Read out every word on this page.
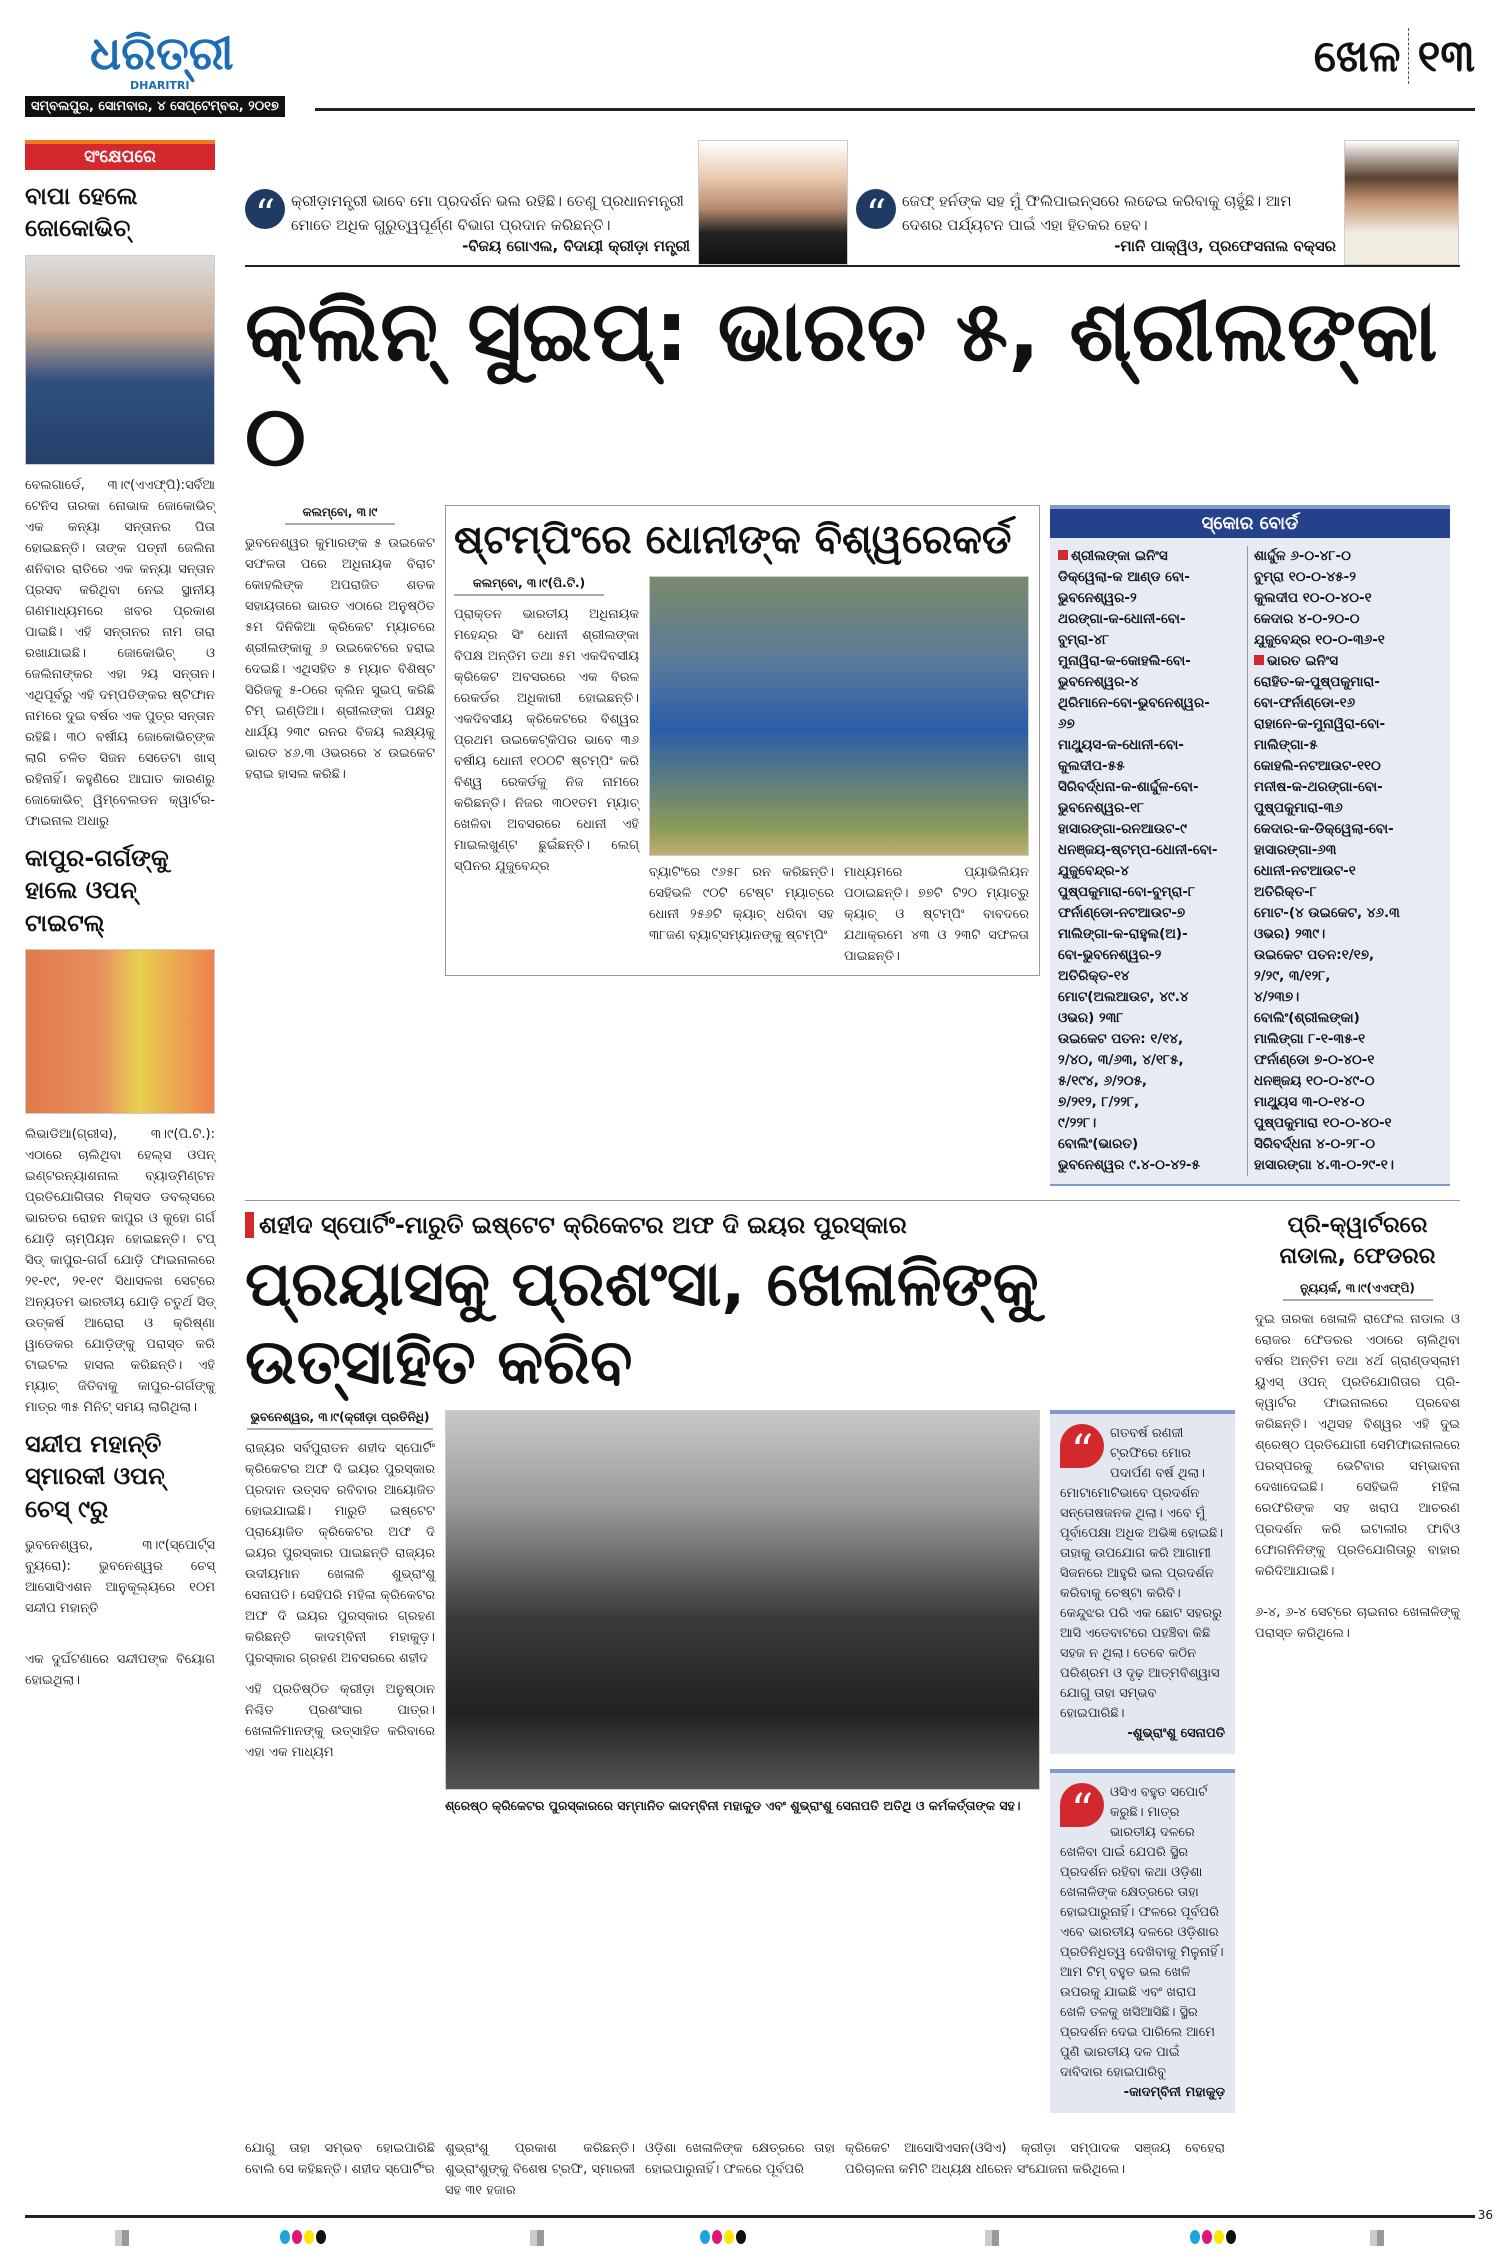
ଧରିତ୍ରୀ
DHARITRI
ସମ୍ବଲପୁର, ସୋମବାର, ୪ ସେପ୍ଟେମ୍ବର, ୨୦୧୭
ଖେଳ ୧୩
ସଂକ୍ଷେପରେ
ବାପା ହେଲେ ଜୋକୋଭିଚ୍
ବେଲଗାର୍ଡେ, ୩।୯(ଏଏଫ୍‌ପି):ସର୍ବିଆ ଟେନିସ ତାରକା ନୋଭାକ ଜୋକୋଭିଚ୍ ଏକ କନ୍ୟା ସନ୍ତାନର ପିତା ହୋଇଛନ୍ତି। ତାଙ୍କ ପତ୍ନୀ ଜେଲିନା ଶନିବାର ରାତିରେ ଏକ କନ୍ୟା ସନ୍ତାନ ପ୍ରସବ କରିଥିବା ନେଇ ସ୍ଥାନୀୟ ଗଣମାଧ୍ୟମରେ ଖବର ପ୍ରକାଶ ପାଇଛି। ଏହି ସନ୍ତାନର ନାମ ତାରା ରଖାଯାଇଛି। ଜୋକୋଭିଚ୍ ଓ ଜେଲିନାଙ୍କର ଏହା ୨ୟ ସନ୍ତାନ। ଏଥିପୂର୍ବରୁ ଏହି ଦମ୍ପତିଙ୍କର ଷ୍ଟିଫାନ ନାମରେ ଦୁଇ ବର୍ଷର ଏକ ପୁତ୍ର ସନ୍ତାନ ରହିଛି। ୩୦ ବର୍ଷୀୟ ଜୋକୋଭିଚ୍‌ଙ୍କ ଲାଗି ଚଳିତ ସିଜନ ସେତେଟା ଖାସ୍ ରହିନାହିଁ। କହୁଣିରେ ଆଘାତ କାରଣରୁ ଜୋକୋଭିଚ୍ ୱିମ୍ବେଲଡନ କ୍ୱାର୍ଟର-ଫାଇନାଲ ଅଧାରୁ
କାପୁର-ଗର୍ଗଙ୍କୁ ହାଲେ ଓପନ୍ ଟାଇଟଲ୍
ଲିଭାଡିଆ(ଗ୍ରୀସ), ୩।୯(ପି.ଟି.): ଏଠାରେ ଚାଲିଥିବା ହେଲ୍ସ ଓପନ୍ ଇଣ୍ଟରନ୍ୟାଶନାଲ ବ୍ୟାଡ୍‌ମିଣ୍ଟନ ପ୍ରତିଯୋଗିତାର ମିକ୍ସଡ ଡବଲ୍ସରେ ଭାରତର ରୋହନ କାପୁର ଓ କୁହୋ ଗର୍ଗ ଯୋଡ଼ି ଚାମ୍ପିୟନ ହୋଇଛନ୍ତି। ଟପ୍ ସିଡ୍ କାପୁର-ଗର୍ଗ ଯୋଡ଼ି ଫାଇନାଲରେ ୨୧-୧୯, ୨୧-୧୯ ସିଧାସଳଖ ସେଟ୍‌ରେ ଅନ୍ୟତମ ଭାରତୀୟ ଯୋଡ଼ି ଚତୁର୍ଥ ସିଡ୍ ଉତ୍କର୍ଷ ଆରୋରା ଓ କ୍ରିଷ୍ଣା ୱାଡେକର ଯୋଡ଼ିଙ୍କୁ ପରାସ୍ତ କରି ଟାଇଟଲ ହାସଲ କରିଛନ୍ତି। ଏହି ମ୍ୟାଚ୍ ଜିତିବାକୁ କାପୁର-ଗର୍ଗଙ୍କୁ ମାତ୍ର ୩୫ ମିନିଟ୍ ସମୟ ଲାଗିଥିଲା।
ସନ୍ଦୀପ ମହାନ୍ତି ସ୍ମାରକୀ ଓପନ୍ ଚେସ୍ ୯ରୁ
ଭୁବନେଶ୍ୱର, ୩।୯(ସ୍ପୋର୍ଟ୍ସ ବ୍ୟୁରୋ): ଭୁବନେଶ୍ୱର ଚେସ୍ ଆସୋସିଏଶନ ଆନୁକୂଲ୍ୟରେ ୧୦ମ ସନ୍ଦୀପ ମହାନ୍ତି
ଏକ ଦୁର୍ଘଟଣାରେ ସନ୍ଦୀପଙ୍କ ବିୟୋଗ ହୋଇଥିଲା।
“	କ୍ରୀଡ଼ାମନ୍ତ୍ରୀ ଭାବେ ମୋ ପ୍ରଦର୍ଶନ ଭଲ ରହିଛି। ତେଣୁ ପ୍ରଧାନମନ୍ତ୍ରୀ ମୋତେ ଅଧିକ ଗୁରୁତ୍ୱପୂର୍ଣ୍ଣ ବିଭାଗ ପ୍ରଦାନ କରିଛନ୍ତି।
-ବିଜୟ ଗୋଏଲ, ବିଦାୟୀ କ୍ରୀଡ଼ା ମନ୍ତ୍ରୀ
“	ଜେଫ୍ ହର୍ନଙ୍କ ସହ ମୁଁ ଫିଲିପାଇନ୍ସରେ ଲଢେଇ କରିବାକୁ ଚାହୁଁଛି। ଆମ ଦେଶର ପର୍ଯ୍ୟଟନ ପାଇଁ ଏହା ହିତକର ହେବ।
-ମାନି ପାକ୍ୱିଓ, ପ୍ରଫେସନାଲ ବକ୍ସର
କ୍ଲିନ୍ ସୁଇପ୍: ଭାରତ ୫, ଶ୍ରୀଲଙ୍କା ୦
କଲମ୍ବୋ, ୩।୯
ଭୁବନେଶ୍ୱର କୁମାରଙ୍କ ୫ ଉଇକେଟ ସଫଳତା ପରେ ଅଧିନାୟକ ବିରାଟ କୋହଲିଙ୍କ ଅପରାଜିତ ଶତକ ସହାୟତାରେ ଭାରତ ଏଠାରେ ଅନୁଷ୍ଠିତ ୫ମ ଦିନିକିଆ କ୍ରିକେଟ ମ୍ୟାଚରେ ଶ୍ରୀଲଙ୍କାକୁ ୬ ଉଇକେଟରେ ହରାଇ ଦେଇଛି। ଏଥିସହିତ ୫ ମ୍ୟାଚ ବିଶିଷ୍ଟ ସିରିଜକୁ ୫-୦ରେ କ୍ଲିନ ସୁଇପ୍ କରିଛି ଟିମ୍ ଇଣ୍ଡିଆ। ଶ୍ରୀଲଙ୍କା ପକ୍ଷରୁ ଧାର୍ଯ୍ୟ ୨୩୯ ରନର ବିଜୟ ଲକ୍ଷ୍ୟକୁ ଭାରତ ୪୬.୩ ଓଭରରେ ୪ ଉଇକେଟ ହରାଇ ହାସଲ କରିଛି।
ଷ୍ଟମ୍ପିଂରେ ଧୋନୀଙ୍କ ବିଶ୍ୱରେକର୍ଡ
କଲମ୍ବୋ, ୩।୯(ପି.ଟି.)
ପ୍ରାକ୍ତନ ଭାରତୀୟ ଅଧିନାୟକ ମହେନ୍ଦ୍ର ସିଂ ଧୋନୀ ଶ୍ରୀଲଙ୍କା ବିପକ୍ଷ ଅନ୍ତିମ ତଥା ୫ମ ଏକଦିବସୀୟ କ୍ରିକେଟ ଅବସରରେ ଏକ ବିରଳ ରେକର୍ଡର ଅଧିକାରୀ ହୋଇଛନ୍ତି। ଏକଦିବସୀୟ କ୍ରିକେଟରେ ବିଶ୍ୱର ପ୍ରଥମ ଉଇକେଟ୍‌କିପର ଭାବେ ୩୬ ବର୍ଷୀୟ ଧୋନୀ ୧୦୦ଟି ଷ୍ଟମ୍ପିଂ କରି ବିଶ୍ୱ ରେକର୍ଡକୁ ନିଜ ନାମରେ କରିଛନ୍ତି। ନିଜର ୩୦୧ତମ ମ୍ୟାଚ୍ ଖେଳିବା ଅବସରରେ ଧୋନୀ ଏହି ମାଇଲଖୁଣ୍ଟ ଛୁଇଁଛନ୍ତି। ଲେଗ୍ ସ୍ପିନର ଯୁଜୁବେନ୍ଦ୍ର	ବ୍ୟାଟିଂରେ ୯୬୫୮ ରନ କରିଛନ୍ତି। ସେହିଭଳି ୯୦ଟି ଟେଷ୍ଟ ମ୍ୟାଚ୍‌ରେ ଧୋନୀ ୨୫୬ଟି କ୍ୟାଚ୍ ଧରିବା ସହ ୩୮ଜଣ ବ୍ୟାଟ୍ସମ୍ୟାନଙ୍କୁ ଷ୍ଟମ୍ପିଂ
ମାଧ୍ୟମରେ ପ୍ୟାଭିଲିୟନ ପଠାଇଛନ୍ତି। ୭୭ଟି ଟି୨୦ ମ୍ୟାଚ୍‌ରୁ କ୍ୟାଚ୍ ଓ ଷ୍ଟମ୍ପିଂ ବାବଦରେ ଯଥାକ୍ରମେ ୪୩ ଓ ୨୩ଟି ସଫଳତା ପାଇଛନ୍ତି।
ସ୍କୋର ବୋର୍ଡ
ଶ୍ରୀଲଙ୍କା ଇନିଂସ
ଡିକ୍‌ୱେଲା-କ ଆଣ୍ଡ ବୋ-
ଭୁବନେଶ୍ୱର-୨
ଥରଙ୍ଗା-କ-ଧୋନୀ-ବୋ-
ବୁମ୍ରା-୪୮
ମୁନାୱିରା-କ-କୋହଲି-ବୋ-
ଭୁବନେଶ୍ୱର-୪
ଥିରିମାନେ-ବୋ-ଭୁବନେଶ୍ୱର-
୬୭
ମାଥ୍ୟୁସ-କ-ଧୋନୀ-ବୋ-
କୁଲଦୀପ-୫୫
ସିରିବର୍ଦ୍ଧନା-କ-ଶାର୍ଦ୍ଦୁଳ-ବୋ-
ଭୁବନେଶ୍ୱର-୧୮
ହାସାରଙ୍ଗା-ରନଆଉଟ-୯
ଧନଞ୍ଜୟ-ଷ୍ଟମ୍ପ-ଧୋନୀ-ବୋ-
ଯୁଜୁବେନ୍ଦ୍ର-୪
ପୁଷ୍ପକୁମାରା-ବୋ-ବୁମ୍ରା-୮
ଫର୍ନାଣ୍ଡୋ-ନଟଆଉଟ-୭
ମାଲିଙ୍ଗା-କ-ରାହୁଲ(ଅ)-
ବୋ-ଭୁବନେଶ୍ୱର-୨
ଅତିରିକ୍ତ-୧୪
ମୋଟ(ଅଲଆଉଟ, ୪୯.୪
ଓଭର) ୨୩୮
ଉଇକେଟ ପତନ: ୧/୧୪,
୨/୪୦, ୩/୬୩, ୪/୧୮୫,
୫/୧୯୪, ୬/୨୦୫,
୭/୨୧୨, ୮/୨୨୮,
୯/୨୨୮।
ବୋଲିଂ(ଭାରତ)
ଭୁବନେଶ୍ୱର ୯.୪-୦-୪୨-୫
ଶାର୍ଦ୍ଦୁଳ ୬-୦-୪୮-୦
ବୁମ୍ରା ୧୦-୦-୪୫-୨
କୁଲଦୀପ ୧୦-୦-୪୦-୧
କେଦାର ୪-୦-୨୦-୦
ଯୁଜୁବେନ୍ଦ୍ର ୧୦-୦-୩୬-୧
ଭାରତ ଇନିଂସ
ରୋହିତ-କ-ପୁଷ୍ପକୁମାରା-
ବୋ-ଫର୍ନାଣ୍ଡୋ-୧୬
ରାହାନେ-କ-ମୁନାୱିରା-ବୋ-
ମାଲିଙ୍ଗା-୫
କୋହଲି-ନଟଆଉଟ-୧୧୦
ମନୀଷ-କ-ଥରଙ୍ଗା-ବୋ-
ପୁଷ୍ପକୁମାରା-୩୬
କେଦାର-କ-ଡିକ୍‌ୱେଲା-ବୋ-
ହାସାରଙ୍ଗା-୬୩
ଧୋନୀ-ନଟଆଉଟ-୧
ଅତିରିକ୍ତ-୮
ମୋଟ-(୪ ଉଇକେଟ, ୪୬.୩
ଓଭର) ୨୩୯।
ଉଇକେଟ ପତନ:୧/୧୭,
୨/୨୯, ୩/୧୨୮,
୪/୨୩୭।
ବୋଲିଂ(ଶ୍ରୀଲଙ୍କା)
ମାଲିଙ୍ଗା ୮-୧-୩୫-୧
ଫର୍ନାଣ୍ଡୋ ୭-୦-୪୦-୧
ଧନଞ୍ଜୟ ୧୦-୦-୪୯-୦
ମାଥ୍ୟୁସ ୩-୦-୧୪-୦
ପୁଷ୍ପକୁମାରା ୧୦-୦-୪୦-୧
ସିରିବର୍ଦ୍ଧନା ୪-୦-୨୮-୦
ହାସାରଙ୍ଗା ୪.୩-୦-୨୯-୧।
ଶହୀଦ ସ୍ପୋର୍ଟିଂ-ମାରୁତି ଇଷ୍ଟେଟ କ୍ରିକେଟର ଅଫ ଦି ଇୟର ପୁରସ୍କାର
ପ୍ରୟାସକୁ ପ୍ରଶଂସା, ଖେଳାଳିଙ୍କୁ ଉତ୍ସାହିତ କରିବ
ଭୁବନେଶ୍ୱର, ୩।୯(କ୍ରୀଡ଼ା ପ୍ରତିନିଧି)
ରାଜ୍ୟର ସର୍ବପୁରାତନ ଶହୀଦ ସ୍ପୋର୍ଟିଂ କ୍ରିକେଟର ଅଫ ଦି ଇୟର ପୁରସ୍କାର ପ୍ରଦାନ ଉତ୍ସବ ରବିବାର ଆୟୋଜିତ ହୋଇଯାଇଛି। ମାରୁତି ଇଷ୍ଟେଟ ପ୍ରାୟୋଜିତ କ୍ରିକେଟର ଅଫ ଦି ଇୟର ପୁରସ୍କାର ପାଇଛନ୍ତି ରାଜ୍ୟର ଉଦୀୟମାନ ଖେଳାଳି ଶୁଭ୍ରାଂଶୁ ସେନାପତି। ସେହିପରି ମହିଳା କ୍ରିକେଟର ଅଫ ଦି ଇୟର ପୁରସ୍କାର ଗ୍ରହଣ କରିଛନ୍ତି କାଦମ୍ବିନୀ ମହାକୁଡ଼। ପୁରସ୍କାର ଗ୍ରହଣ ଅବସରରେ ଶହୀଦ
ଏହି ପ୍ରତିଷ୍ଠିତ କ୍ରୀଡ଼ା ଅନୁଷ୍ଠାନ ନିଶ୍ଚିତ ପ୍ରଶଂସାର ପାତ୍ର। ଖେଳାଳିମାନଙ୍କୁ ଉତ୍ସାହିତ କରିବାରେ ଏହା ଏକ ମାଧ୍ୟମ
ଶ୍ରେଷ୍ଠ କ୍ରିକେଟର ପୁରସ୍କାରରେ ସମ୍ମାନିତ କାଦମ୍ବିନୀ ମହାକୁଡ ଏବଂ ଶୁଭ୍ରାଂଶୁ ସେନାପତି ଅତିଥି ଓ କର୍ମକର୍ତ୍ତାଙ୍କ ସହ।
“	ଗତବର୍ଷ ରଣଜୀ ଟ୍ରଫିରେ ମୋର ପଦାର୍ପଣ ବର୍ଷ ଥିଲା। ମୋଟାମୋଟିଭାବେ ପ୍ରଦର୍ଶନ ସନ୍ତୋଷଜନକ ଥିଲା। ଏବେ ମୁଁ ପୂର୍ବାପେକ୍ଷା ଅଧିକ ଅଭିଜ୍ଞ ହୋଇଛି। ତାହାକୁ ଉପଯୋଗ କରି ଆଗାମୀ ସିଜନରେ ଆହୁରି ଭଲ ପ୍ରଦର୍ଶନ କରିବାକୁ ଚେଷ୍ଟା କରିବି। କେନ୍ଦୁଝର ପରି ଏକ ଛୋଟ ସହରରୁ ଆସି ଏତେବାଟରେ ପହଞ୍ଚିବା କିଛି ସହଜ ନ ଥିଲା। ତେବେ କଠିନ ପରିଶ୍ରମ ଓ ଦୃଢ଼ ଆତ୍ମବିଶ୍ୱାସ ଯୋଗୁ ତାହା ସମ୍ଭବ ହୋଇପାରିଛି।
-ଶୁଭ୍ରାଂଶୁ ସେନାପତି
“	ଓସିଏ ବହୁତ ସପୋର୍ଟ କରୁଛି। ମାତ୍ର ଭାରତୀୟ ଦଳରେ ଖେଳିବା ପାଇଁ ଯେପରି ସ୍ଥିର ପ୍ରଦର୍ଶନ ରହିବା କଥା ଓଡ଼ିଶା ଖେଳାଳିଙ୍କ କ୍ଷେତ୍ରରେ ତାହା ହୋଇପାରୁନାହିଁ। ଫଳରେ ପୂର୍ବପରି ଏବେ ଭାରତୀୟ ଦଳରେ ଓଡ଼ିଶାର ପ୍ରତିନିଧିତ୍ୱ ଦେଖିବାକୁ ମିଳୁନାହିଁ। ଆମ ଟିମ୍ ବହୁତ ଭଲ ଖେଳି ଉପରକୁ ଯାଇଛି ଏବଂ ଖରାପ ଖେଳି ତଳକୁ ଖସିଆସିଛି। ସ୍ଥିର ପ୍ରଦର୍ଶନ ଦେଇ ପାରିଲେ ଆମେ ପୁଣି ଭାରତୀୟ ଦଳ ପାଇଁ ଦାବିଦାର ହୋଇପାରିବୁ
-କାଦମ୍ବିନୀ ମହାକୁଡ଼
ଯୋଗୁ ତାହା ସମ୍ଭବ ହୋଇପାରିଛି ବୋଲି ସେ କହିଛନ୍ତି। ଶହୀଦ ସ୍ପୋର୍ଟିଂର
ଶୁଭ୍ରାଂଶୁ ପ୍ରକାଶ କରିଛନ୍ତି। ଶୁଭ୍ରାଂଶୁଙ୍କୁ ବିଶେଷ ଟ୍ରଫି, ସ୍ମାରକୀ ସହ ୩୧ ହଜାର
ଓଡ଼ିଶା ଖେଳାଳିଙ୍କ କ୍ଷେତ୍ରରେ ତାହା ହୋଇପାରୁନାହିଁ। ଫଳରେ ପୂର୍ବପରି
କ୍ରିକେଟ ଆସୋସିଏସନ(ଓସିଏ) କ୍ରୀଡ଼ା ସମ୍ପାଦକ ସଞ୍ଜୟ ବେହେରା ପରିଚାଳନା କମିଟି ଅଧ୍ୟକ୍ଷ ଧୀରେନ ସଂଯୋଜନା କରିଥିଲେ।
ପ୍ରି-କ୍ୱାର୍ଟରରେ ନାଡାଲ, ଫେଡରର
ନ୍ୟୁୟର୍କ, ୩।୯(ଏଏଫ୍‌ପି)
ଦୁଇ ତାରକା ଖେଳାଳି ରାଫେଲ ନାଡାଲ ଓ ରୋଜର ଫେଡରର ଏଠାରେ ଚାଲିଥିବା ବର୍ଷର ଅନ୍ତିମ ତଥା ୪ର୍ଥ ଗ୍ରାଣ୍ଡସ୍ଲାମ ୟୁଏସ୍ ଓପନ୍ ପ୍ରତିଯୋଗିତାର ପ୍ରି-କ୍ୱାର୍ଟର ଫାଇନାଲରେ ପ୍ରବେଶ କରିଛନ୍ତି। ଏଥିସହ ବିଶ୍ୱର ଏହି ଦୁଇ ଶ୍ରେଷ୍ଠ ପ୍ରତିଯୋଗୀ ସେମିଫାଇନାଲରେ ପରସ୍ପରକୁ ଭେଟିବାର ସମ୍ଭାବନା ଦେଖାଦେଇଛି। ସେହିଭଳି ମହିଳା ରେଫରିଙ୍କ ସହ ଖରାପ ଆଚରଣ ପ୍ରଦର୍ଶନ କରି ଇଟାଲୀର ଫାବିଓ ଫୋଗନିନିଙ୍କୁ ପ୍ରତିଯୋଗିତାରୁ ବାହାର କରିଦିଆଯାଇଛି।
୬-୪, ୬-୪ ସେଟ୍‌ରେ ଚାଇନାର ଖେଳାଳିଙ୍କୁ ପରାସ୍ତ କରିଥିଲେ।
36
